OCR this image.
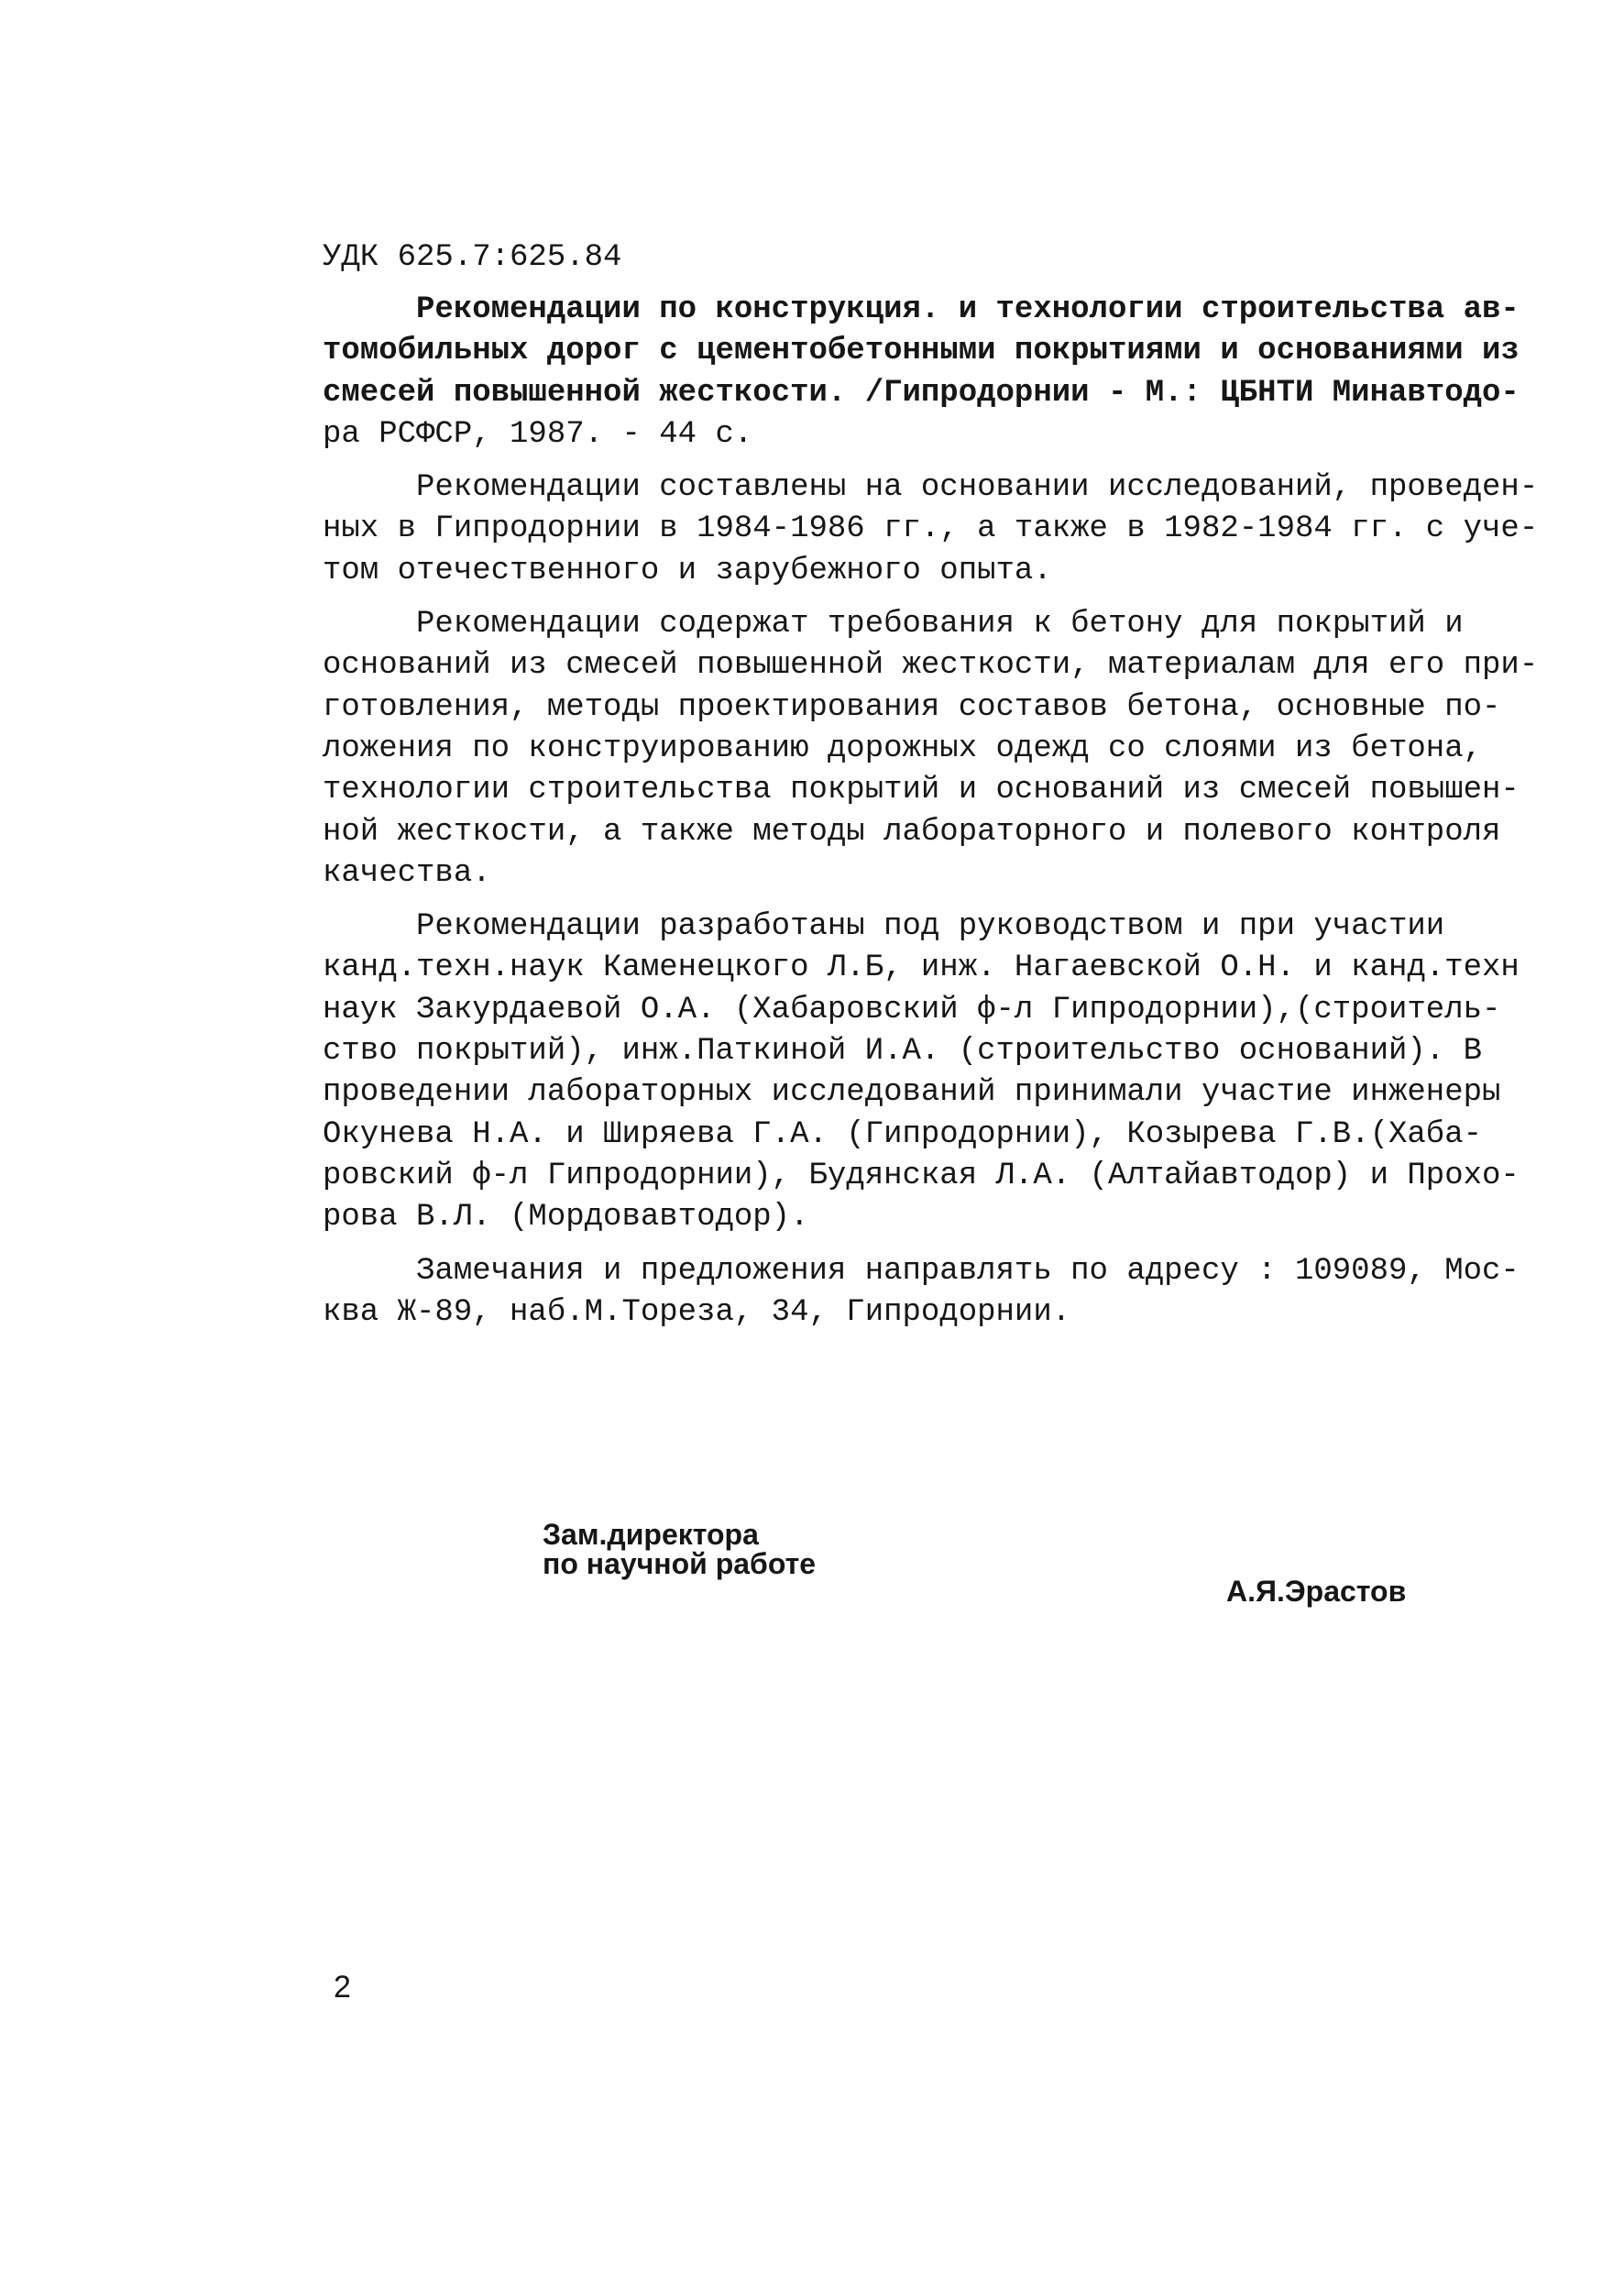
УДК 625.7:625.84
Рекомендации по конструкция. и технологии строительства ав-
томобильных дорог с цементобетонными покрытиями и основаниями из
смесей повышенной жесткости. /Гипродорнии - М.: ЦБНТИ Минавтодо-
ра РСФСР, 1987. - 44 с.
Рекомендации составлены на основании исследований, проведен-
ных в Гипродорнии в 1984-1986 гг., а также в 1982-1984 гг. с учe-
том отечественного и зарубежного опыта.
Рекомендации содержат требования к бетону для покрытий и
оснований из смесей повышенной жесткости, материалам для его при-
готовления, методы проектирования составов бетона, основные по-
ложения по конструированию дорожных одежд со слоями из бетона,
технологии строительства покрытий и оснований из смесей повышен-
ной жесткости, а также методы лабораторного и полевого контроля
качества.
Рекомендации разработаны под руководством и при участии
канд.техн.наук Каменецкого Л.Б, инж. Нагаевской О.Н. и канд.техн
наук Закурдаевой О.А. (Хабаровский ф-л Гипродорнии),(строитель-
ство покрытий), инж.Паткиной И.А. (строительство оснований). В
проведении лабораторных исследований принимали участие инженеры
Окунева Н.А. и Ширяева Г.А. (Гипродорнии), Козырева Г.В.(Хаба-
ровский ф-л Гипродорнии), Будянская Л.А. (Алтайавтодор) и Прохо-
рова В.Л. (Мордовавтодор).
Замечания и предложения направлять по адресу : 109089, Мос-
ква Ж-89, наб.М.Тореза, 34, Гипродорнии.
Зам.директора
по научной работе
А.Я.Эрастов
2
